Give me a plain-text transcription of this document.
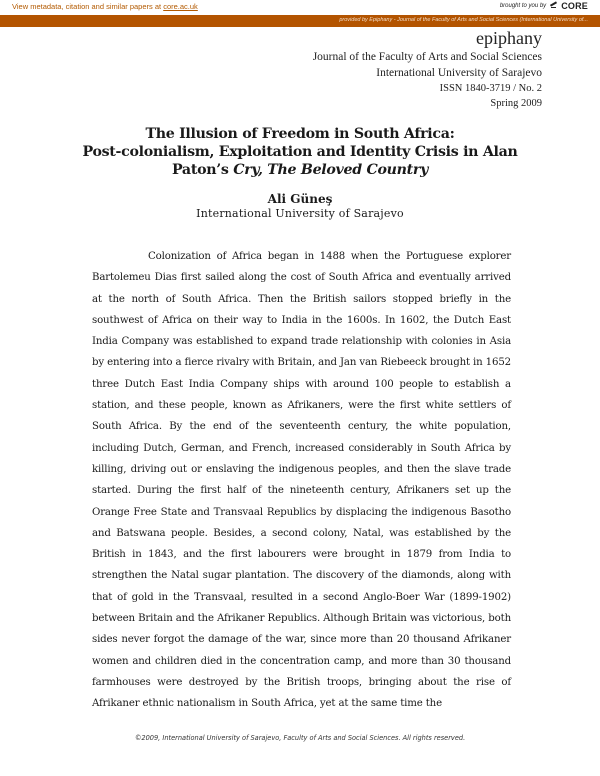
View metadata, citation and similar papers at core.ac.uk	brought to you by CORE
provided by Epiphany - Journal of the Faculty of Arts and Social Sciences (International University of...
epiphany
Journal of the Faculty of Arts and Social Sciences
International University of Sarajevo
ISSN 1840-3719 / No. 2
Spring 2009
The Illusion of Freedom in South Africa:
Post-colonialism, Exploitation and Identity Crisis in Alan
Paton’s Cry, The Beloved Country
Ali Güneş
International University of Sarajevo

Colonization of Africa began in 1488 when the Portuguese explorer Bartolemeu Dias first sailed along the cost of South Africa and eventually arrived at the north of South Africa. Then the British sailors stopped briefly in the southwest of Africa on their way to India in the 1600s. In 1602, the Dutch East India Company was established to expand trade relationship with colonies in Asia by entering into a fierce rivalry with Britain, and Jan van Riebeeck brought in 1652 three Dutch East India Company ships with around 100 people to establish a station, and these people, known as Afrikaners, were the first white settlers of South Africa. By the end of the seventeenth century, the white population, including Dutch, German, and French, increased considerably in South Africa by killing, driving out or enslaving the indigenous peoples, and then the slave trade started. During the first half of the nineteenth century, Afrikaners set up the Orange Free State and Transvaal Republics by displacing the indigenous Basotho and Batswana people. Besides, a second colony, Natal, was established by the British in 1843, and the first labourers were brought in 1879 from India to strengthen the Natal sugar plantation. The discovery of the diamonds, along with that of gold in the Transvaal, resulted in a second Anglo-Boer War (1899-1902) between Britain and the Afrikaner Republics. Although Britain was victorious, both sides never forgot the damage of the war, since more than 20 thousand Afrikaner women and children died in the concentration camp, and more than 30 thousand farmhouses were destroyed by the British troops, bringing about the rise of Afrikaner ethnic nationalism in South Africa, yet at the same time the

©2009, International University of Sarajevo, Faculty of Arts and Social Sciences. All rights reserved.
